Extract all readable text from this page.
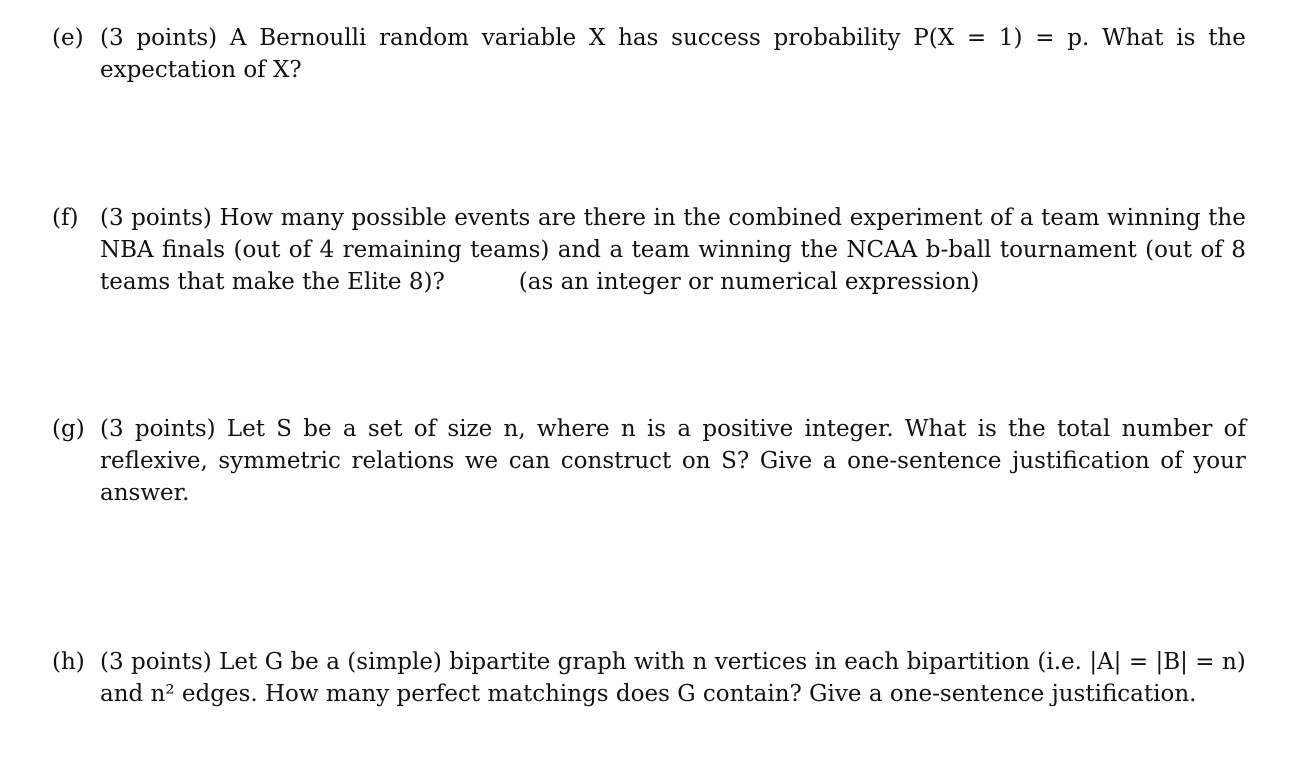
(e) (3 points) A Bernoulli random variable X has success probability P(X = 1) = p. What is the
expectation of X?
(f) (3 points) How many possible events are there in the combined experiment of a team winning the
NBA finals (out of 4 remaining teams) and a team winning the NCAA b-ball tournament (out of 8
teams that make the Elite 8)?	(as an integer or numerical expression)
(g) (3 points) Let S be a set of size n, where n is a positive integer. What is the total number of
reflexive, symmetric relations we can construct on S? Give a one-sentence justification of your
answer.
(h) (3 points) Let G be a (simple) bipartite graph with n vertices in each bipartition (i.e. |A| = |B| = n)
and n² edges. How many perfect matchings does G contain? Give a one-sentence justification.
